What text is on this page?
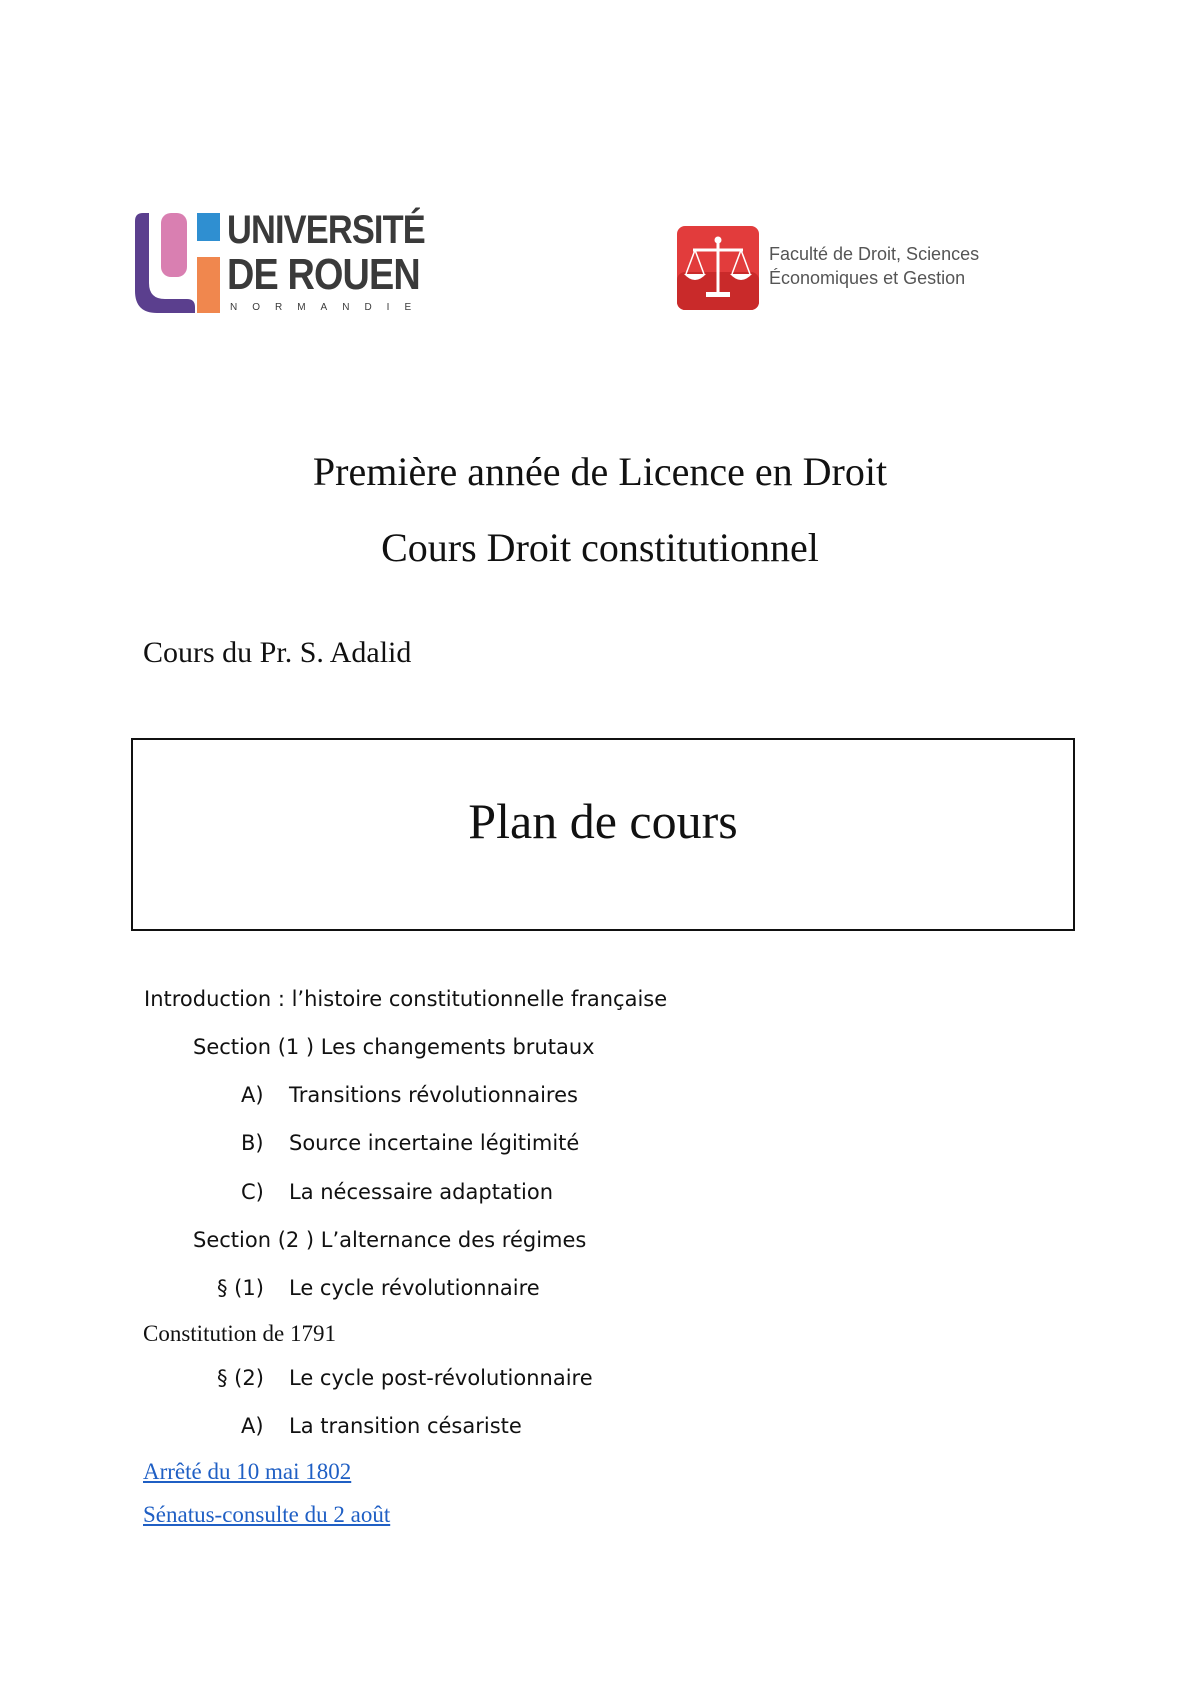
UNIVERSITÉ
DE ROUEN
NORMANDIE
Faculté de Droit, Sciences
Économiques et Gestion
Première année de Licence en Droit
Cours Droit constitutionnel
Cours du Pr. S. Adalid
Plan de cours
Introduction : l’histoire constitutionnelle française
Section (1 ) Les changements brutaux
A) Transitions révolutionnaires
B) Source incertaine légitimité
C) La nécessaire adaptation
Section (2 ) L’alternance des régimes
§ (1) Le cycle révolutionnaire
Constitution de 1791
§ (2) Le cycle post-révolutionnaire
A) La transition césariste
Arrêté du 10 mai 1802
Sénatus-consulte du 2 août
